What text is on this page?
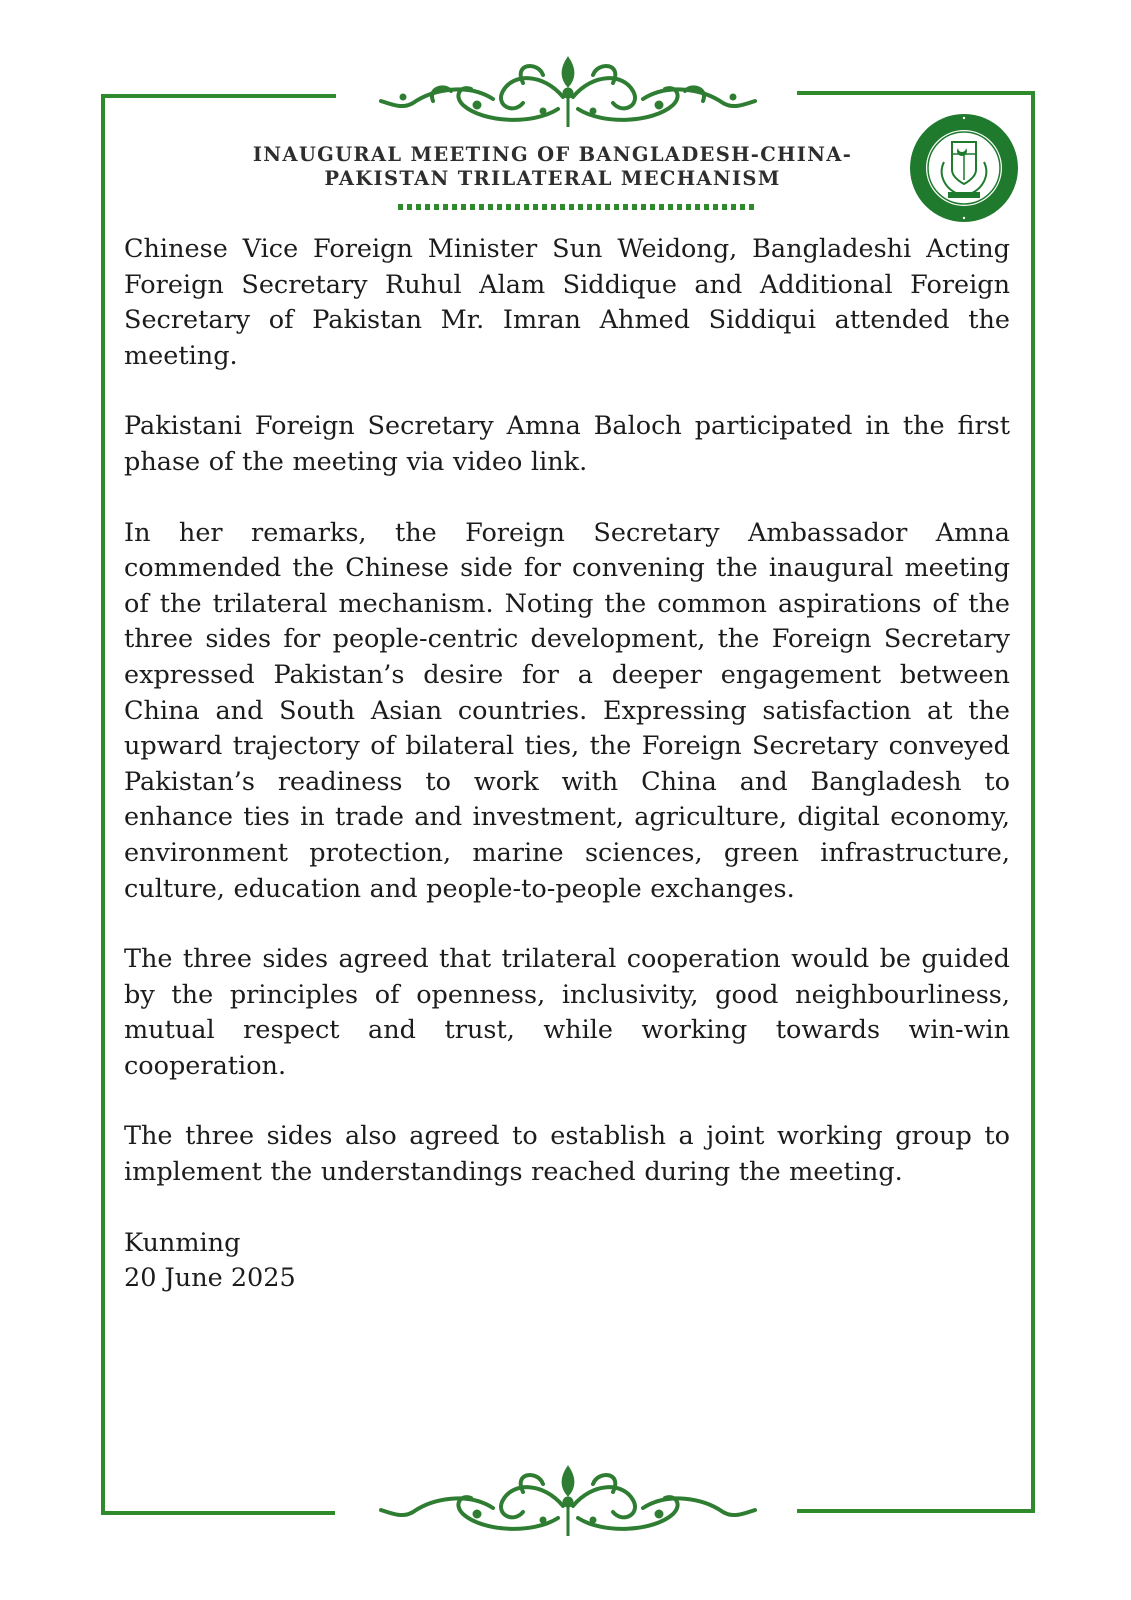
INAUGURAL MEETING OF BANGLADESH-CHINA-
PAKISTAN TRILATERAL MECHANISM

Chinese Vice Foreign Minister Sun Weidong, Bangladeshi Acting Foreign Secretary Ruhul Alam Siddique and Additional Foreign Secretary of Pakistan Mr. Imran Ahmed Siddiqui attended the meeting.

Pakistani Foreign Secretary Amna Baloch participated in the first phase of the meeting via video link.

In her remarks, the Foreign Secretary Ambassador Amna commended the Chinese side for convening the inaugural meeting of the trilateral mechanism. Noting the common aspirations of the three sides for people-centric development, the Foreign Secretary expressed Pakistan’s desire for a deeper engagement between China and South Asian countries. Expressing satisfaction at the upward trajectory of bilateral ties, the Foreign Secretary conveyed Pakistan’s readiness to work with China and Bangladesh to enhance ties in trade and investment, agriculture, digital economy, environment protection, marine sciences, green infrastructure, culture, education and people-to-people exchanges.

The three sides agreed that trilateral cooperation would be guided by the principles of openness, inclusivity, good neighbourliness, mutual respect and trust, while working towards win-win cooperation.

The three sides also agreed to establish a joint working group to implement the understandings reached during the meeting.

Kunming
20 June 2025
